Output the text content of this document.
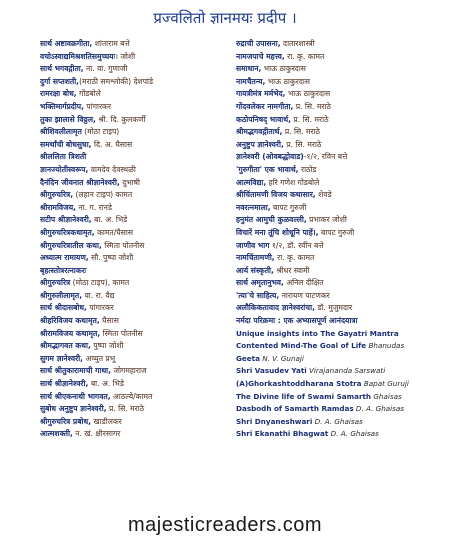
प्रज्वलितो ज्ञानमयः प्रदीप ।
सार्थ अष्टावक्रगीता, शांताराम बत्ते
वचोऽस्वाद्यमिश्रशतिसमुच्चयः। जोशी
सार्थ भगवद्गीता, ना. वा. गुणाजी
दुर्गा सप्तशती,(मराठी समश्लोकी) देशपांडे
रामरक्षा बोध, गोंडबोले
भक्तिमार्गप्रदीप, पांगारकर
तुका झालासे विठ्ठल, श्री. दि. कुलकर्णी
श्रीशिवलीलामृत (मोठा टाइप)
समर्थांची बोधसुधा, दि. अ. घैसास
श्रीललिता त्रिशती
ज्ञानज्योतीस्वरूप, वामदेव देवस्थळी
दैनंदिन जीवनात श्रीज्ञानेश्वरी, दुभाषी
श्रीगुरुचरित्र, (लहान टाइप) कामत
श्रीरामविजय, ना. ग. रानडे
सटीप श्रीज्ञानेश्वरी, बा. अ. भिडे
श्रीगुरुचरित्रकथामृत, कामत/घैसास
श्रीगुरुचरित्रातील कथा, स्मिता पोतनीस
अध्यात्म रामायण, सौ. पुष्पा जोशी
बृहत्स्तोत्ररत्नाकरः
श्रीगुरुचरित्र (मोठा टाइप), कामत
श्रीगुरुलीलामृत, वा. रा. वैद्य
सार्थ श्रीदासबोध, पांगारकर
श्रीहरिविजय कथामृत, घैसास
श्रीरामविजय कथामृत, स्मिता पोतनीस
श्रीमद्भागवत कथा, पुष्पा जोशी
सुगम ज्ञानेश्वरी, अच्युत प्रभू
सार्थ श्रीतुकारामाची गाथा, जोगमहाराज
सार्थ श्रीज्ञानेश्वरी, बा. अ. भिडे
सार्थ श्रीएकनाथी भागवत, आठल्ये/कामत
सुबोध अनुष्टुप ज्ञानेश्वरी, प्र. सि. मराठे
श्रीगुरुचरित्र प्रबोध, खाडीलकर
आत्मशक्ती, न. खं. क्षीरसागर
रुद्राची उपासना, दातारशास्त्री
नामजपाचे महत्त्व, रा. कृ. कामत
समाधान, भाऊ ठाकुरदास
नामचैतन्य, भाऊ ठाकुरदास
गायत्रीमंत्र मर्मभेद, भाऊ ठाकुरदास
गोंदवलेकर नामगीता, प्र. सि. मराठे
कठोपनिषद् भावार्थ, प्र. सि. मराठे
श्रीमद्भगवद्गीतार्थ, प्र. सि. मराठे
अनुष्टुप ज्ञानेश्वरी, प्र. सि. मराठे
ज्ञानेश्वरी (ओवबद्धोवाड)-१/२, रविन बत्ते
'गुरुगीता' एक भावार्थ, राठोड
आत्मविद्या, हरि गणेश गोडबोले
श्रीचिंतामणी विजय कथासार, शेवडे
नवरत्नमाला, बापट गुरुजी
हनुमंत आमुची कुळवल्ली, प्रभाकर जोशी
विचारें मना तूंचि शोधूनि पाहें।, बापट गुरुजी
जाणीव भाग १/२, डॉ. रवींन बत्ते
नामचिंतामणी, रा. कृ. कामत
आर्य संस्कृती, श्रीधर स्वामी
सार्थ अमृतानुभव, अनिल दीक्षित
'त्या'चे साहित्य, नारायण पाटणकर
अलौकिकतावाद ज्ञानेश्वरांचा, डॉ. मुजुमदार
नर्मदा परिक्रमा : एक अभ्यासपूर्ण आनंदयात्रा
Unique insights into The Gayatri Mantra
Contented Mind-The Goal of Life Bhanudas
Geeta N. V. Gunaji
Shri Vasudev Yati Virajananda Sarswati
(A)Ghorkashtoddharana Stotra Bapat Guruji
The Divine life of Swami Samarth Ghaisas
Dasbodh of Samarth Ramdas D. A. Ghaisas
Shri Dnyaneshwari D. A. Ghaisas
Shri Ekanathi Bhagwat D. A. Ghaisas
majesticreaders.com
